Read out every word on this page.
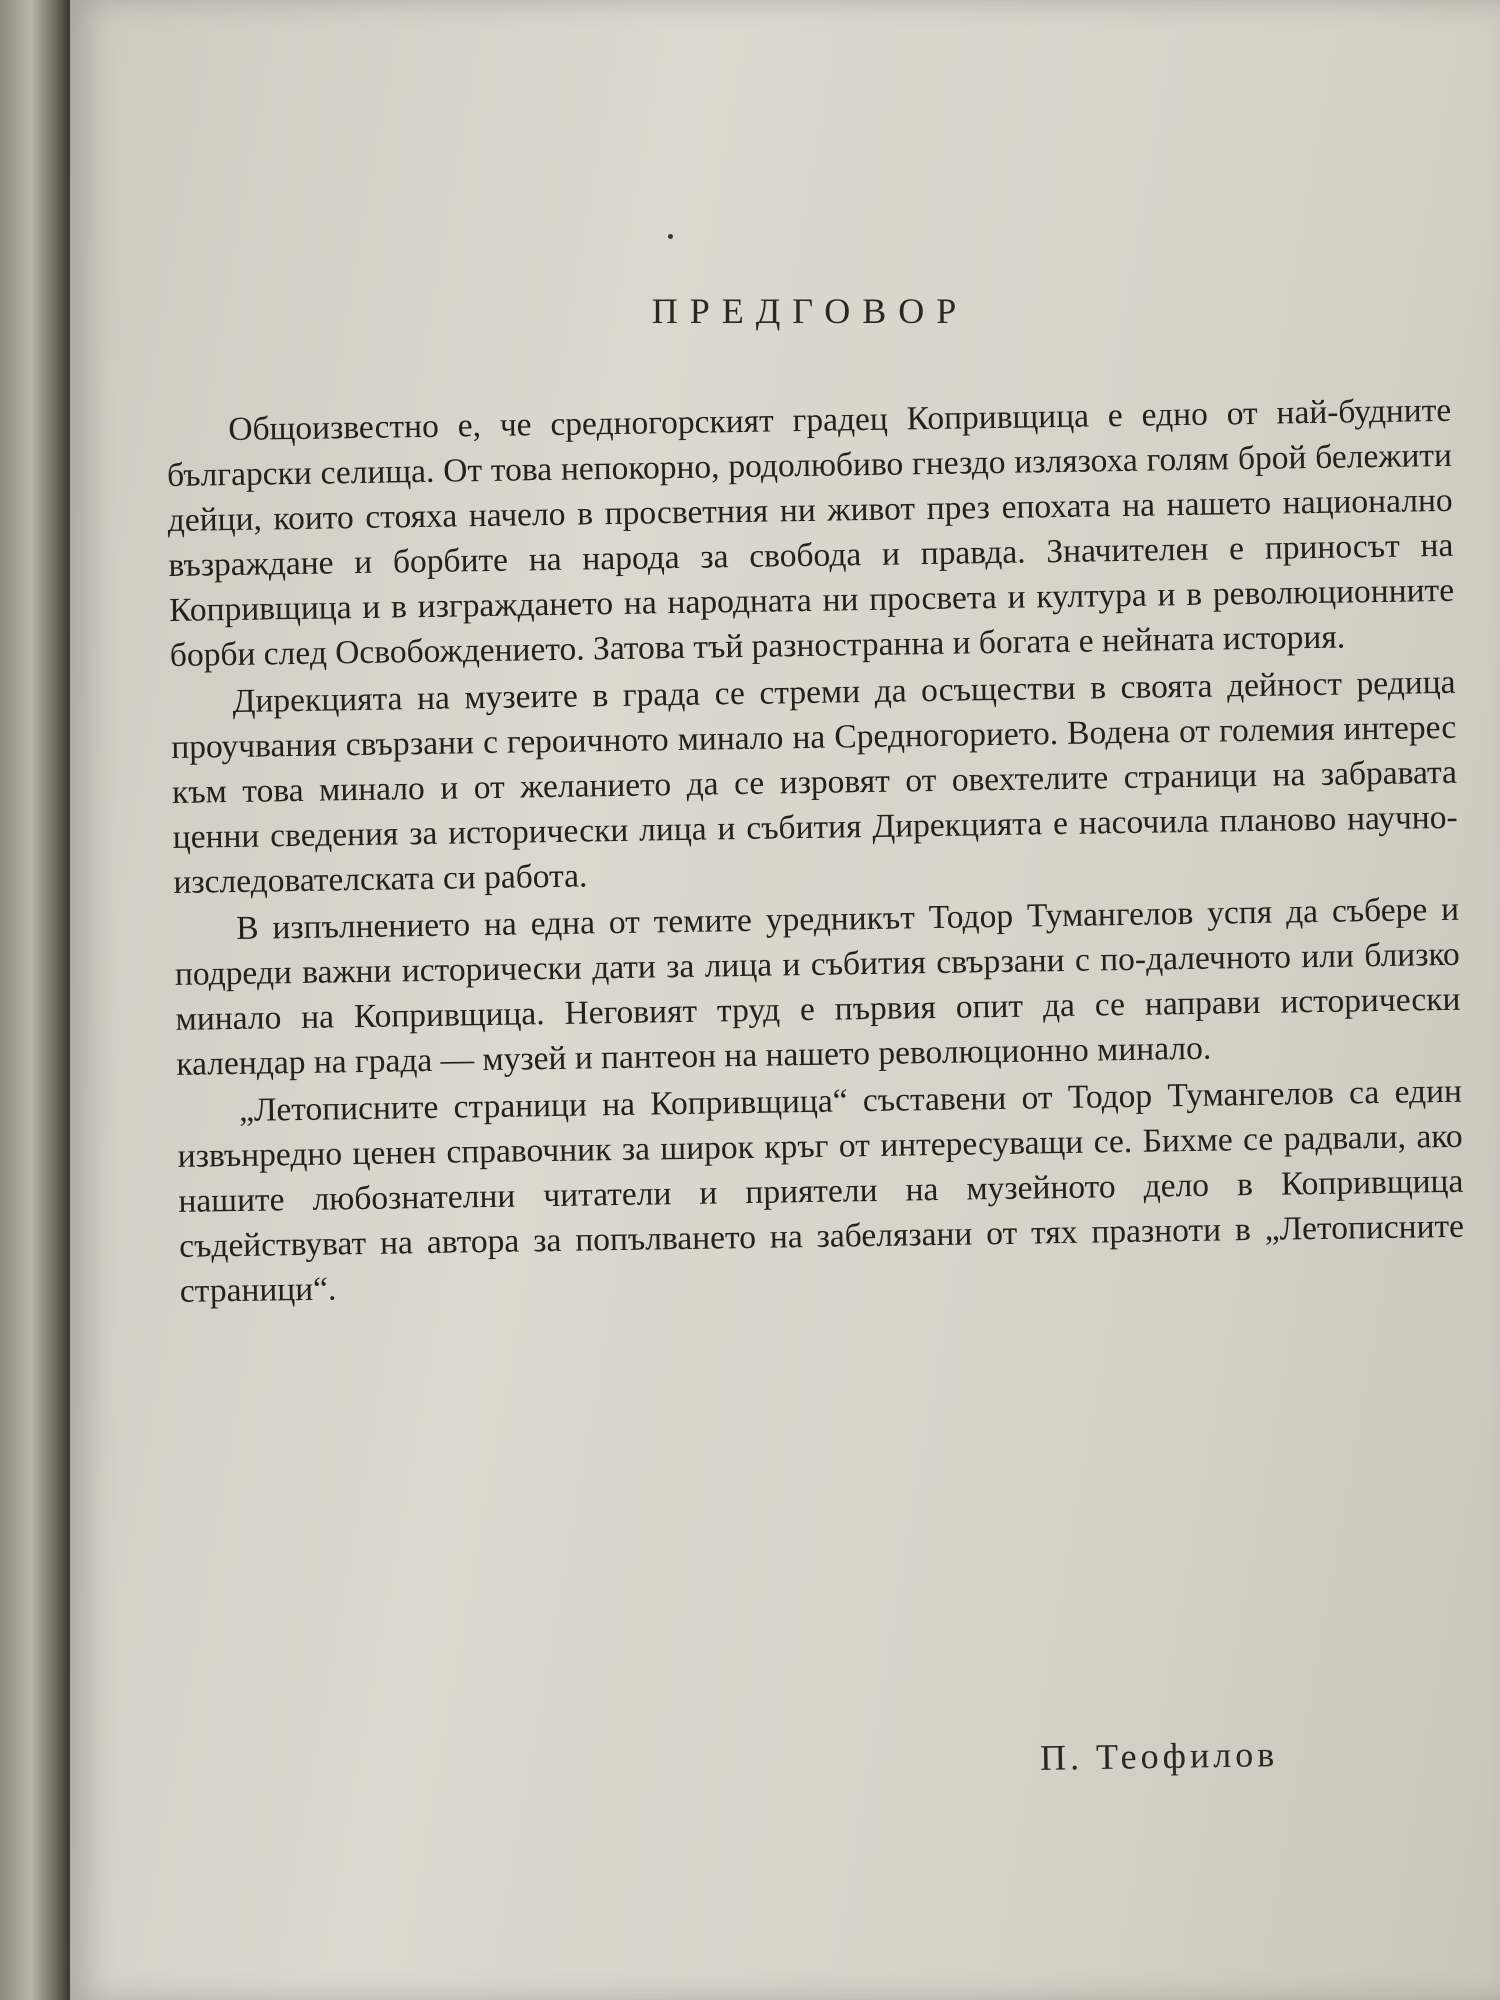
ПРЕДГОВОР

Общоизвестно е, че средногорският градец Копривщица е едно от най-будните български селища. От това непокорно, родолюбиво гнездо излязоха голям брой бележити дейци, които стояха начело в просветния ни живот през епохата на нашето национално възраждане и борбите на народа за свобода и правда. Значителен е приносът на Копривщица и в изграждането на народната ни просвета и култура и в революционните борби след Освобождението. Затова тъй разностранна и богата е нейната история.

Дирекцията на музеите в града се стреми да осъществи в своята дейност редица проучвания свързани с героичното минало на Средногорието. Водена от големия интерес към това минало и от желанието да се изровят от овехтелите страници на забравата ценни сведения за исторически лица и събития Дирекцията е насочила планово научно-изследователската си работа.

В изпълнението на една от темите уредникът Тодор Тумангелов успя да събере и подреди важни исторически дати за лица и събития свързани с по-далечното или близко минало на Копривщица. Неговият труд е първия опит да се направи исторически календар на града — музей и пантеон на нашето революционно минало.

„Летописните страници на Копривщица“ съставени от Тодор Тумангелов са един извънредно ценен справочник за широк кръг от интересуващи се. Бихме се радвали, ако нашите любознателни читатели и приятели на музейното дело в Копривщица съдействуват на автора за попълването на забелязани от тях празноти в „Летописните страници“.

П. Теофилов
